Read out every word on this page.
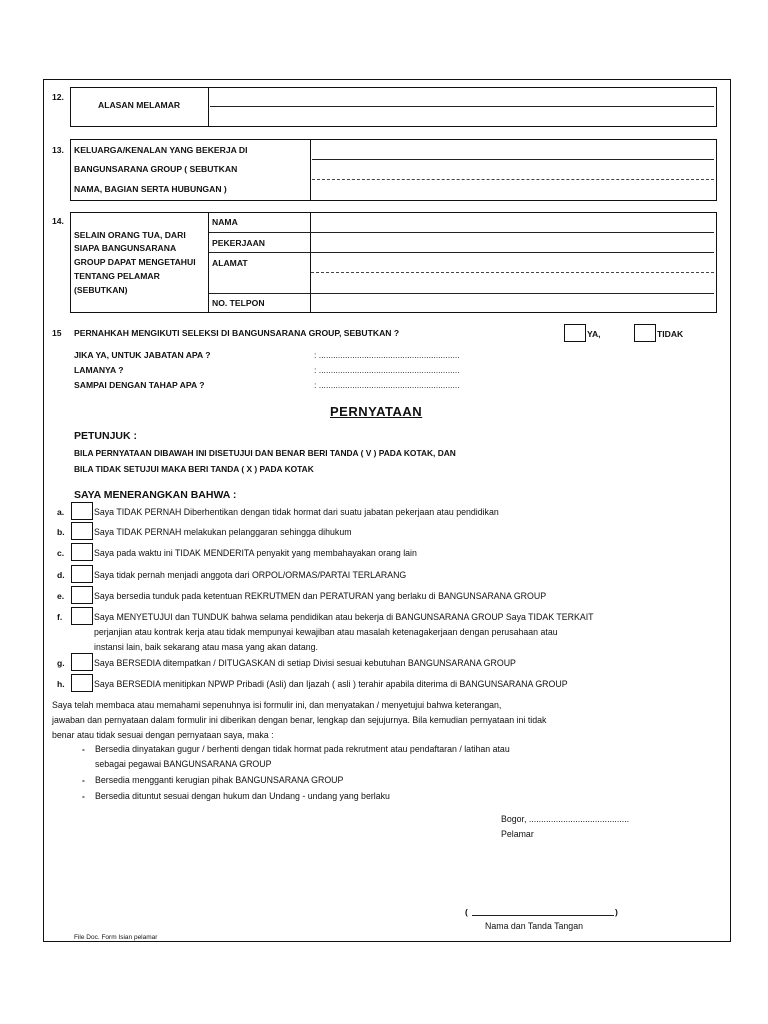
12.
ALASAN MELAMAR
13. KELUARGA/KENALAN YANG BEKERJA DI
BANGUNSARANA GROUP ( SEBUTKAN
NAMA, BAGIAN SERTA HUBUNGAN )
14.
SELAIN ORANG TUA, DARI
SIAPA BANGUNSARANA
GROUP DAPAT MENGETAHUI
TENTANG PELAMAR
(SEBUTKAN)
NAMA
PEKERJAAN
ALAMAT
NO. TELPON
15 PERNAHKAH MENGIKUTI SELEKSI DI BANGUNSARANA GROUP, SEBUTKAN ?	YA,	TIDAK
JIKA YA, UNTUK JABATAN APA ?	: ...........................................................
LAMANYA ?	: ...........................................................
SAMPAI DENGAN TAHAP APA ?	: ...........................................................
PERNYATAAN
PETUNJUK :
BILA PERNYATAAN DIBAWAH INI DISETUJUI DAN BENAR BERI TANDA ( V ) PADA KOTAK, DAN
BILA TIDAK SETUJUI MAKA BERI TANDA ( X ) PADA KOTAK
SAYA MENERANGKAN BAHWA :
a.	Saya TIDAK PERNAH Diberhentikan dengan tidak hormat dari suatu jabatan pekerjaan atau pendidikan
b.	Saya TIDAK PERNAH melakukan pelanggaran sehingga dihukum
c.	Saya pada waktu ini TIDAK MENDERITA penyakit yang membahayakan orang lain
d.	Saya tidak pernah menjadi anggota dari ORPOL/ORMAS/PARTAI TERLARANG
e.	Saya bersedia tunduk pada ketentuan REKRUTMEN dan PERATURAN yang berlaku di BANGUNSARANA GROUP
f.	Saya MENYETUJUI dan TUNDUK bahwa selama pendidikan atau bekerja di BANGUNSARANA GROUP Saya TIDAK TERKAIT
perjanjian atau kontrak kerja atau tidak mempunyai kewajiban atau masalah ketenagakerjaan dengan perusahaan atau
instansi lain, baik sekarang atau masa yang akan datang.
g.	Saya BERSEDIA ditempatkan / DITUGASKAN di setiap Divisi sesuai kebutuhan BANGUNSARANA GROUP
h.	Saya BERSEDIA menitipkan NPWP Pribadi (Asli) dan Ijazah ( asli ) terahir apabila diterima di BANGUNSARANA GROUP
Saya telah membaca atau memahami sepenuhnya isi formulir ini, dan menyatakan / menyetujui bahwa keterangan,
jawaban dan pernyataan dalam formulir ini diberikan dengan benar, lengkap dan sejujurnya. Bila kemudian pernyataan ini tidak
benar atau tidak sesuai dengan pernyataan saya, maka :
- Bersedia dinyatakan gugur / berhenti dengan tidak hormat pada rekrutment atau pendaftaran / latihan atau
sebagai pegawai BANGUNSARANA GROUP
- Bersedia mengganti kerugian pihak BANGUNSARANA GROUP
- Bersedia dituntut sesuai dengan hukum dan Undang - undang yang berlaku
Bogor, .........................................
Pelamar
(	)
Nama dan Tanda Tangan
File Doc. Form Isian pelamar
